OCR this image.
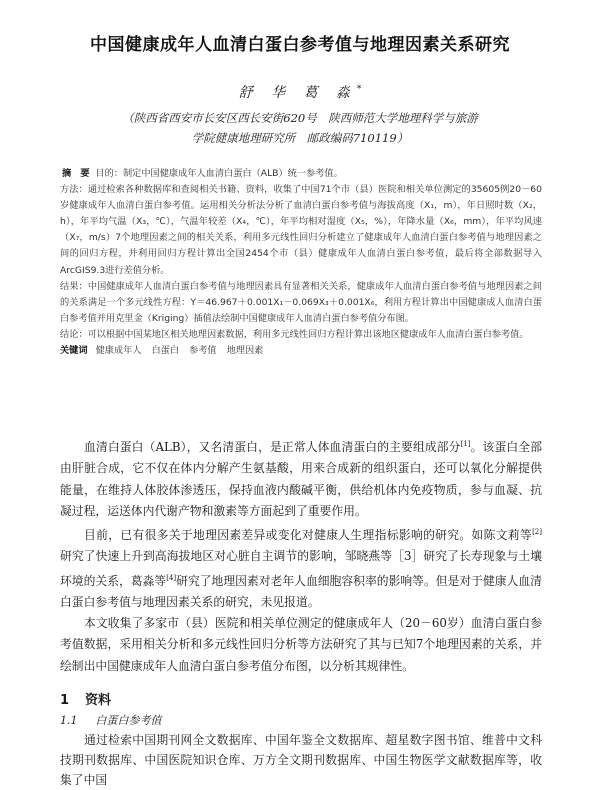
中国健康成年人血清白蛋白参考值与地理因素关系研究
舒 华 葛 淼*
（陕西省西安市长安区西长安街620号　陕西师范大学地理科学与旅游
学院健康地理研究所　邮政编码710119）

摘　要 目的：制定中国健康成年人血清白蛋白（ALB）统一参考值。

方法：通过检索各种数据库和查阅相关书籍、资料，收集了中国71个市（县）医院和相关单位测定的35605例20－60岁健康成年人血清白蛋白参考值。运用相关分析法分析了血清白蛋白参考值与海拔高度（X₁，m），年日照时数（X₂，h），年平均气温（X₃，℃），气温年较差（X₄，℃），年平均相对湿度（X₅，%），年降水量（X₆，mm），年平均风速（X₇，m/s）7个地理因素之间的相关关系，利用多元线性回归分析建立了健康成年人血清白蛋白参考值与地理因素之间的回归方程，并利用回归方程计算出全国2454个市（县）健康成年人血清白蛋白参考值，最后将全部数据导入ArcGIS9.3进行差值分析。

结果：中国健康成年人血清白蛋白参考值与地理因素具有显著相关关系，健康成年人血清白蛋白参考值与地理因素之间的关系满足一个多元线性方程：Y＝46.967＋0.001X₁－0.069X₃＋0.001X₆，利用方程计算出中国健康成人血清白蛋白参考值并用克里金（Kriging）插值法绘制中国健康成年人血清白蛋白参考值分布图。

结论：可以根据中国某地区相关地理因素数据，利用多元线性回归方程计算出该地区健康成年人血清白蛋白参考值。

关键词 健康成年人 白蛋白 参考值 地理因素

血清白蛋白（ALB），又名清蛋白，是正常人体血清蛋白的主要组成部分[1]。该蛋白全部由肝脏合成，它不仅在体内分解产生氨基酸，用来合成新的组织蛋白，还可以氧化分解提供能量，在维持人体胶体渗透压，保持血液内酸碱平衡，供给机体内免疫物质，参与血凝、抗凝过程，运送体内代谢产物和激素等方面起到了重要作用。

目前，已有很多关于地理因素差异或变化对健康人生理指标影响的研究。如陈文莉等[2]研究了快速上升到高海拔地区对心脏自主调节的影响，邹晓燕等［3］研究了长寿现象与土壤环境的关系，葛淼等[4]研究了地理因素对老年人血细胞容积率的影响等。但是对于健康人血清白蛋白参考值与地理因素关系的研究，未见报道。

本文收集了多家市（县）医院和相关单位测定的健康成年人（20－60岁）血清白蛋白参考值数据，采用相关分析和多元线性回归分析等方法研究了其与已知7个地理因素的关系，并绘制出中国健康成年人血清白蛋白参考值分布图，以分析其规律性。

1 资料
1.1 白蛋白参考值

通过检索中国期刊网全文数据库、中国年鉴全文数据库、超星数字图书馆、维普中文科技期刊数据库、中国医院知识仓库、万方全文期刊数据库、中国生物医学文献数据库等，收集了中国
